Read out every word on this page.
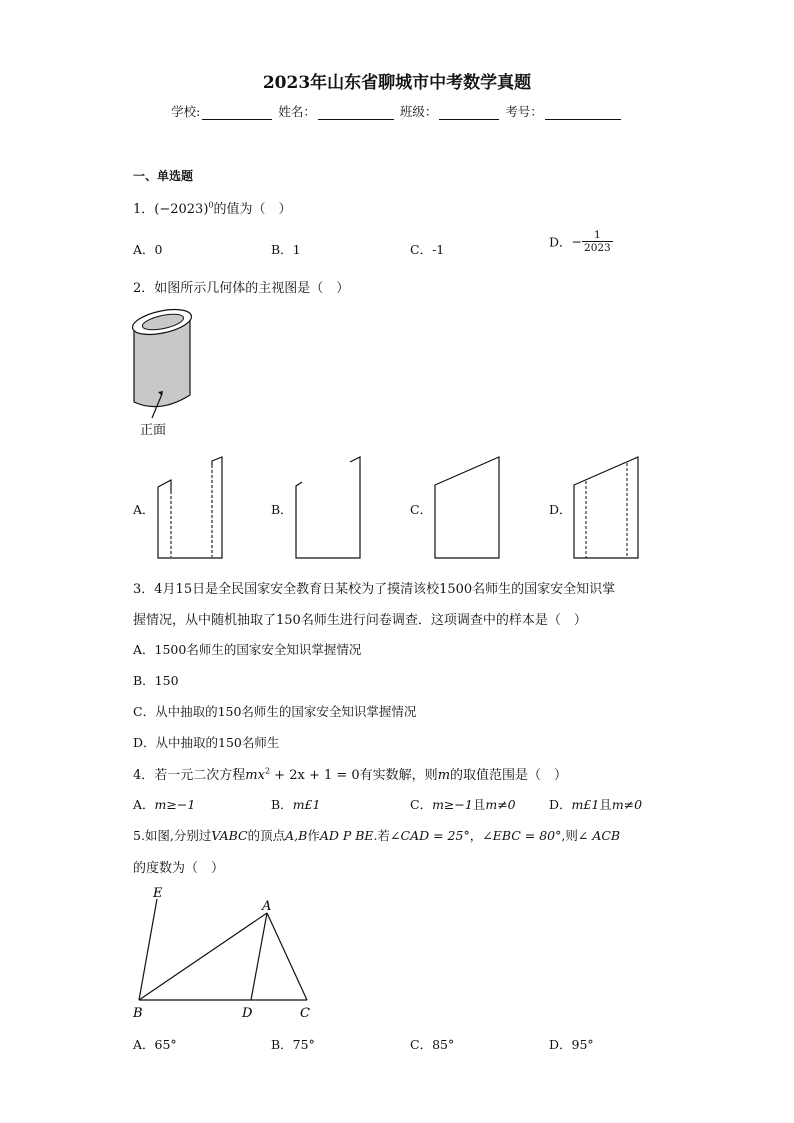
2023年山东省聊城市中考数学真题
学校:	姓名：	班级：	考号：
一、单选题
1．$(-2023)^0$的值为（　）
A．0	B．1	C．-1	D．− $\frac{1}{2023}$
2．如图所示几何体的主视图是（　）
正面
A．	B．	C．	D．
3．4月15日是全民国家安全教育日某校为了摸清该校1500名师生的国家安全知识掌
握情况，从中随机抽取了150名师生进行问卷调查．这项调查中的样本是（　）
A．1500名师生的国家安全知识掌握情况
B．150
C．从中抽取的150名师生的国家安全知识掌握情况
D．从中抽取的150名师生
4．若一元二次方程$mx^2 + 2x + 1 = 0$有实数解，则m的取值范围是（　）
A．m≥−1	B．m£1	C．m≥−1且m≠0	D．m£1且m≠0
5.如图,分别过VABC的顶点A,B作AD P BE.若∠CAD = 25°，∠EBC = 80°,则∠ ACB
的度数为（　）
E
A
B	D	C
A．65°	B．75°	C．85°	D．95°
